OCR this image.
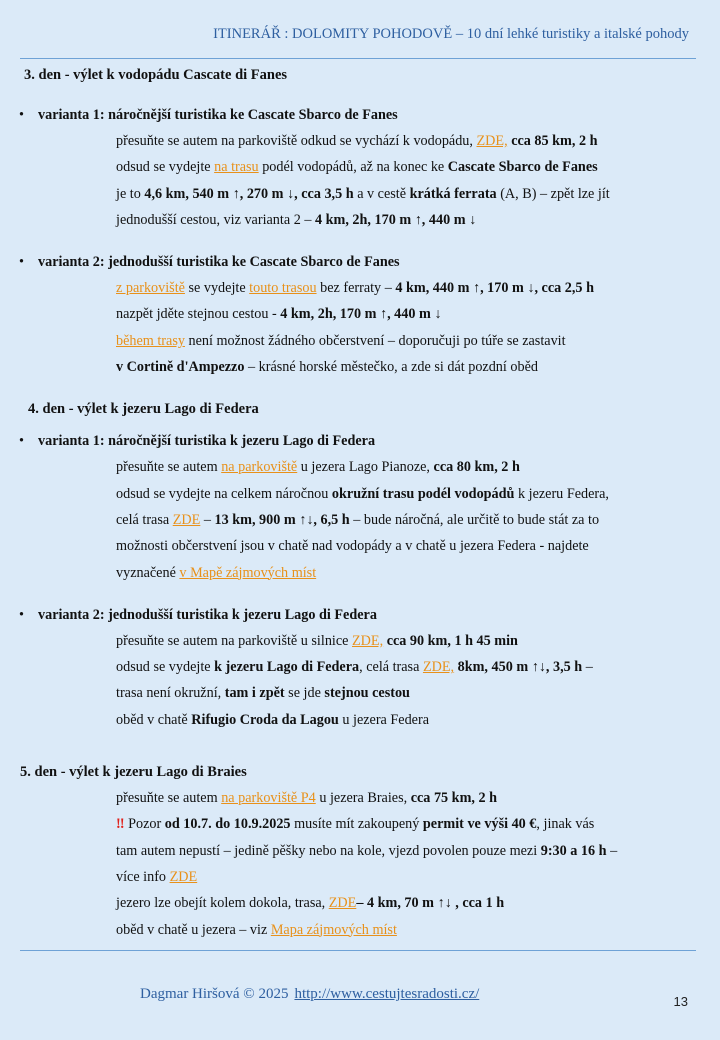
ITINERÁŘ : DOLOMITY POHODOVĚ – 10 dní lehké turistiky a italské pohody
3. den - výlet k vodopádu Cascate di Fanes
• varianta 1: náročnější turistika ke Cascate Sbarco de Fanes
přesuňte se autem na parkoviště odkud se vychází k vodopádu, ZDE, cca 85 km, 2 h
odsud se vydejte na trasu podél vodopádů, až na konec ke Cascate Sbarco de Fanes
je to 4,6 km, 540 m ↑, 270 m ↓, cca 3,5 h a v cestě krátká ferrata (A, B) – zpět lze jít
jednodušší cestou, viz varianta 2 – 4 km, 2h, 170 m ↑, 440 m ↓
• varianta 2: jednodušší turistika ke Cascate Sbarco de Fanes
z parkoviště se vydejte touto trasou bez ferraty – 4 km, 440 m ↑, 170 m ↓, cca 2,5 h
nazpět jděte stejnou cestou - 4 km, 2h, 170 m ↑, 440 m ↓
během trasy není možnost žádného občerstvení – doporučuji po túře se zastavit
v Cortině d'Ampezzo – krásné horské městečko, a zde si dát pozdní oběd
4. den - výlet k jezeru Lago di Federa
• varianta 1: náročnější turistika k jezeru Lago di Federa
přesuňte se autem na parkoviště u jezera Lago Pianoze, cca 80 km, 2 h
odsud se vydejte na celkem náročnou okružní trasu podél vodopádů k jezeru Federa,
celá trasa ZDE – 13 km, 900 m ↑↓, 6,5 h – bude náročná, ale určitě to bude stát za to
možnosti občerstvení jsou v chatě nad vodopády a v chatě u jezera Federa - najdete
vyznačené v Mapě zájmových míst
• varianta 2: jednodušší turistika k jezeru Lago di Federa
přesuňte se autem na parkoviště u silnice ZDE, cca 90 km, 1 h 45 min
odsud se vydejte k jezeru Lago di Federa, celá trasa ZDE, 8km, 450 m ↑↓, 3,5 h –
trasa není okružní, tam i zpět se jde stejnou cestou
oběd v chatě Rifugio Croda da Lagou u jezera Federa
5. den - výlet k jezeru Lago di Braies
přesuňte se autem na parkoviště P4 u jezera Braies, cca 75 km, 2 h
‼ Pozor od 10.7. do 10.9.2025 musíte mít zakoupený permit ve výši 40 €, jinak vás
tam autem nepustí – jedině pěšky nebo na kole, vjezd povolen pouze mezi 9:30 a 16 h –
více info ZDE
jezero lze obejít kolem dokola, trasa, ZDE– 4 km, 70 m ↑↓ , cca 1 h
oběd v chatě u jezera – viz Mapa zájmových míst
Dagmar Hiršová © 2025 http://www.cestujtesradosti.cz/	13
